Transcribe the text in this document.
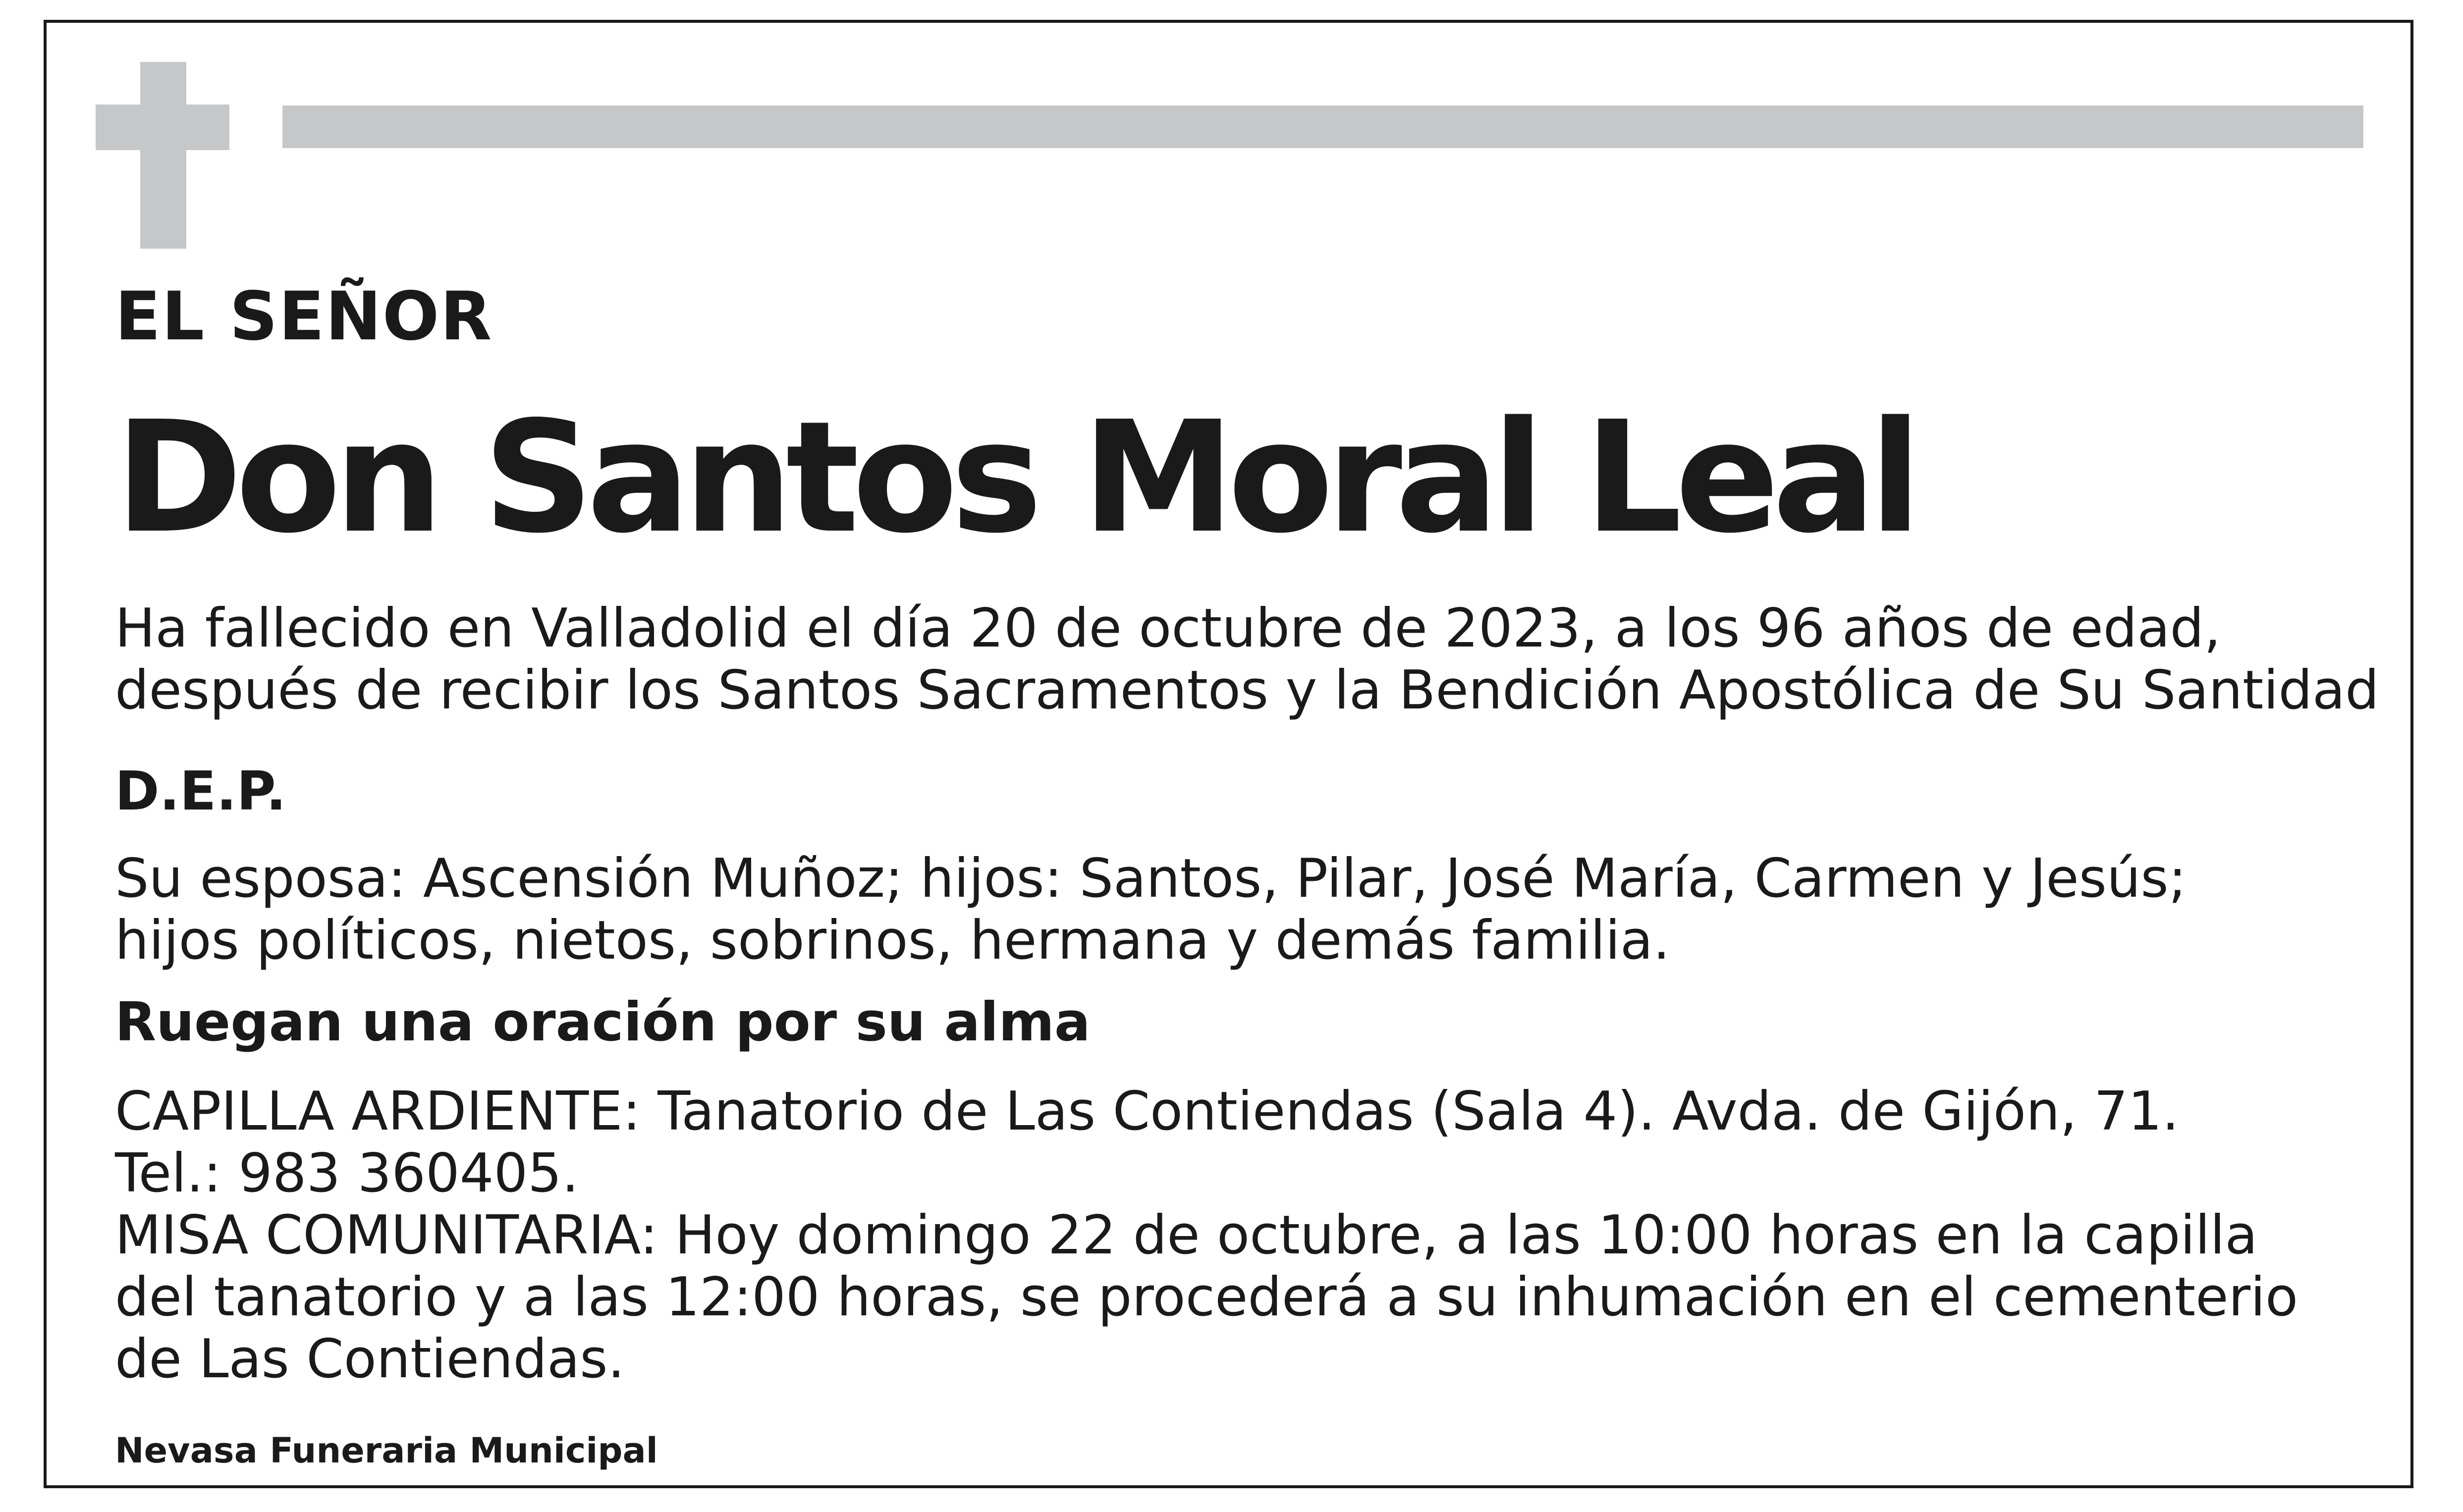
EL SEÑOR

Don Santos Moral Leal

Ha fallecido en Valladolid el día 20 de octubre de 2023, a los 96 años de edad,

después de recibir los Santos Sacramentos y la Bendición Apostólica de Su Santidad

D.E.P.

Su esposa: Ascensión Muñoz; hijos: Santos, Pilar, José María, Carmen y Jesús;

hijos políticos, nietos, sobrinos, hermana y demás familia.

Ruegan una oración por su alma

CAPILLA ARDIENTE: Tanatorio de Las Contiendas (Sala 4). Avda. de Gijón, 71.

Tel.: 983 360405.

MISA COMUNITARIA: Hoy domingo 22 de octubre, a las 10:00 horas en la capilla

del tanatorio y a las 12:00 horas, se procederá a su inhumación en el cementerio

de Las Contiendas.

Nevasa Funeraria Municipal
